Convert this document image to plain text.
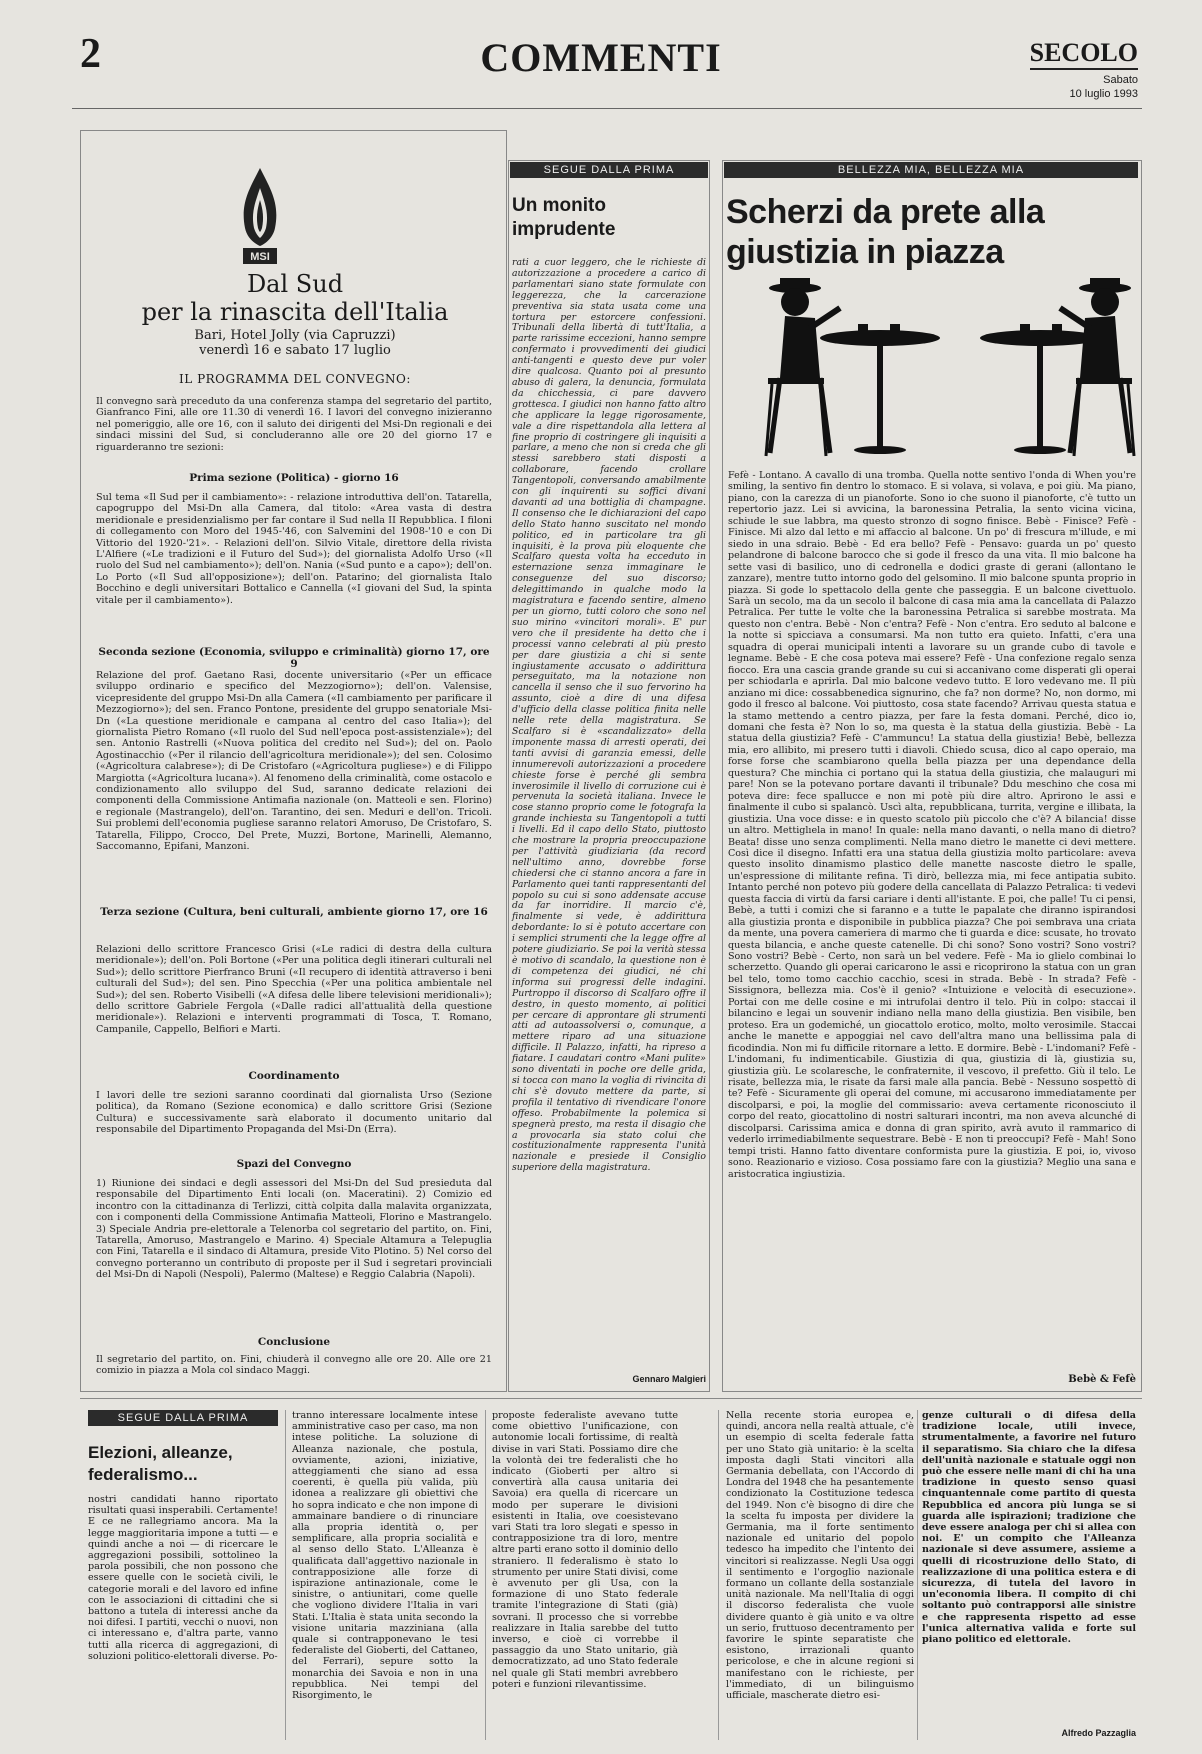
2	COMMENTI	SECOLO
Sabato
10 luglio 1993
MSI
Dal Sud
per la rinascita dell'Italia
Bari, Hotel Jolly (via Capruzzi)
venerdì 16 e sabato 17 luglio
IL PROGRAMMA DEL CONVEGNO:
Il convegno sarà preceduto da una conferenza stampa del segretario del partito, Gianfranco Fini, alle ore 11.30 di venerdì 16. I lavori del convegno inizieranno nel pomeriggio, alle ore 16, con il saluto dei dirigenti del Msi-Dn regionali e dei sindaci missini del Sud, si concluderanno alle ore 20 del giorno 17 e riguarderanno tre sezioni:
Prima sezione (Politica) - giorno 16
Sul tema «Il Sud per il cambiamento»: - relazione introduttiva dell'on. Tatarella, capogruppo del Msi-Dn alla Camera, dal titolo: «Area vasta di destra meridionale e presidenzialismo per far contare il Sud nella II Repubblica. I filoni di collegamento con Moro del 1945-'46, con Salvemini del 1908-'10 e con Di Vittorio del 1920-'21». - Relazioni dell'on. Silvio Vitale, direttore della rivista L'Alfiere («Le tradizioni e il Futuro del Sud»); del giornalista Adolfo Urso («Il ruolo del Sud nel cambiamento»); dell'on. Nania («Sud punto e a capo»); dell'on. Lo Porto («Il Sud all'opposizione»); dell'on. Patarino; del giornalista Italo Bocchino e degli universitari Bottalico e Cannella («I giovani del Sud, la spinta vitale per il cambiamento»).
Seconda sezione (Economia, sviluppo e criminalità) giorno 17, ore 9
Relazione del prof. Gaetano Rasi, docente universitario («Per un efficace sviluppo ordinario e specifico del Mezzogiorno»); dell'on. Valensise, vicepresidente del gruppo Msi-Dn alla Camera («Il cambiamento per parificare il Mezzogiorno»); del sen. Franco Pontone, presidente del gruppo senatoriale Msi-Dn («La questione meridionale e campana al centro del caso Italia»); del giornalista Pietro Romano («Il ruolo del Sud nell'epoca post-assistenziale»); del sen. Antonio Rastrelli («Nuova politica del credito nel Sud»); del on. Paolo Agostinacchio («Per il rilancio dell'agricoltura meridionale»); del sen. Colosimo («Agricoltura calabrese»); di De Cristofaro («Agricoltura pugliese») e di Filippo Margiotta («Agricoltura lucana»). Al fenomeno della criminalità, come ostacolo e condizionamento allo sviluppo del Sud, saranno dedicate relazioni dei componenti della Commissione Antimafia nazionale (on. Matteoli e sen. Florino) e regionale (Mastrangelo), dell'on. Tarantino, dei sen. Meduri e dell'on. Tricoli. Sui problemi dell'economia pugliese saranno relatori Amoruso, De Cristofaro, S. Tatarella, Filippo, Crocco, Del Prete, Muzzi, Bortone, Marinelli, Alemanno, Saccomanno, Epifani, Manzoni.
Terza sezione (Cultura, beni culturali, ambiente giorno 17, ore 16
Relazioni dello scrittore Francesco Grisi («Le radici di destra della cultura meridionale»); dell'on. Poli Bortone («Per una politica degli itinerari culturali nel Sud»); dello scrittore Pierfranco Bruni («Il recupero di identità attraverso i beni culturali del Sud»); del sen. Pino Specchia («Per una politica ambientale nel Sud»); del sen. Roberto Visibelli («A difesa delle libere televisioni meridionali»); dello scrittore Gabriele Fergola («Dalle radici all'attualità della questione meridionale»). Relazioni e interventi programmati di Tosca, T. Romano, Campanile, Cappello, Belfiori e Marti.
Coordinamento
I lavori delle tre sezioni saranno coordinati dal giornalista Urso (Sezione politica), da Romano (Sezione economica) e dallo scrittore Grisi (Sezione Cultura) e successivamente sarà elaborato il documento unitario dal responsabile del Dipartimento Propaganda del Msi-Dn (Erra).
Spazi del Convegno
1) Riunione dei sindaci e degli assessori del Msi-Dn del Sud presieduta dal responsabile del Dipartimento Enti locali (on. Maceratini). 2) Comizio ed incontro con la cittadinanza di Terlizzi, città colpita dalla malavita organizzata, con i componenti della Commissione Antimafia Matteoli, Florino e Mastrangelo. 3) Speciale Andria pre-elettorale a Telenorba col segretario del partito, on. Fini, Tatarella, Amoruso, Mastrangelo e Marino. 4) Speciale Altamura a Telepuglia con Fini, Tatarella e il sindaco di Altamura, preside Vito Plotino. 5) Nel corso del convegno porteranno un contributo di proposte per il Sud i segretari provinciali del Msi-Dn di Napoli (Nespoli), Palermo (Maltese) e Reggio Calabria (Napoli).
Conclusione
Il segretario del partito, on. Fini, chiuderà il convegno alle ore 20. Alle ore 21 comizio in piazza a Mola col sindaco Maggi.
SEGUE DALLA PRIMA
Un monito imprudente
rati a cuor leggero, che le richieste di autorizzazione a procedere a carico di parlamentari siano state formulate con leggerezza, che la carcerazione preventiva sia stata usata come una tortura per estorcere confessioni. Tribunali della libertà di tutt'Italia, a parte rarissime eccezioni, hanno sempre confermato i provvedimenti dei giudici anti-tangenti e questo deve pur voler dire qualcosa. Quanto poi al presunto abuso di galera, la denuncia, formulata da chicchessia, ci pare davvero grottesca. I giudici non hanno fatto altro che applicare la legge rigorosamente, vale a dire rispettandola alla lettera al fine proprio di costringere gli inquisiti a parlare, a meno che non si creda che gli stessi sarebbero stati disposti a collaborare, facendo crollare Tangentopoli, conversando amabilmente con gli inquirenti su soffici divani davanti ad una bottiglia di champagne. Il consenso che le dichiarazioni del capo dello Stato hanno suscitato nel mondo politico, ed in particolare tra gli inquisiti, è la prova più eloquente che Scalfaro questa volta ha ecceduto in esternazione senza immaginare le conseguenze del suo discorso; delegittimando in qualche modo la magistratura e facendo sentire, almeno per un giorno, tutti coloro che sono nel suo mirino «vincitori morali». E' pur vero che il presidente ha detto che i processi vanno celebrati al più presto per dare giustizia a chi si sente ingiustamente accusato o addirittura perseguitato, ma la notazione non cancella il senso che il suo fervorino ha assunto, cioè a dire di una difesa d'ufficio della classe politica finita nelle nelle rete della magistratura. Se Scalfaro si è «scandalizzato» della imponente massa di arresti operati, dei tanti avvisi di garanzia emessi, delle innumerevoli autorizzazioni a procedere chieste forse è perché gli sembra inverosimile il livello di corruzione cui è pervenuta la società italiana. Invece le cose stanno proprio come le fotografa la grande inchiesta su Tangentopoli a tutti i livelli. Ed il capo dello Stato, piuttosto che mostrare la propria preoccupazione per l'attività giudiziaria (da record nell'ultimo anno, dovrebbe forse chiedersi che ci stanno ancora a fare in Parlamento quei tanti rappresentanti del popolo su cui si sono addensate accuse da far inorridire. Il marcio c'è, finalmente si vede, è addirittura debordante: lo si è potuto accertare con i semplici strumenti che la legge offre al potere giudiziario. Se poi la verità stessa è motivo di scandalo, la questione non è di competenza dei giudici, né chi informa sui progressi delle indagini. Purtroppo il discorso di Scalfaro offre il destro, in questo momento, ai politici per cercare di approntare gli strumenti atti ad autoassolversi o, comunque, a mettere riparo ad una situazione difficile. Il Palazzo, infatti, ha ripreso a fiatare. I caudatari contro «Mani pulite» sono diventati in poche ore delle grida, si tocca con mano la voglia di rivincita di chi s'è dovuto mettere da parte, si profila il tentativo di rivendicare l'onore offeso. Probabilmente la polemica si spegnerà presto, ma resta il disagio che a provocarla sia stato colui che costituzionalmente rappresenta l'unità nazionale e presiede il Consiglio superiore della magistratura.
Gennaro Malgieri
BELLEZZA MIA, BELLEZZA MIA
Scherzi da prete alla giustizia in piazza
Fefè - Lontano. A cavallo di una tromba. Quella notte sentivo l'onda di When you're smiling, la sentivo fin dentro lo stomaco. E si volava, si volava, e poi giù. Ma piano, piano, con la carezza di un pianoforte. Sono io che suono il pianoforte, c'è tutto un repertorio jazz. Lei si avvicina, la baronessina Petralia, la sento vicina vicina, schiude le sue labbra, ma questo stronzo di sogno finisce. Bebè - Finisce? Fefè - Finisce. Mi alzo dal letto e mi affaccio al balcone. Un po' di frescura m'illude, e mi siedo in una sdraio. Bebè - Ed era bello? Fefè - Pensavo: guarda un po' questo pelandrone di balcone barocco che si gode il fresco da una vita. Il mio balcone ha sette vasi di basilico, uno di cedronella e dodici graste di gerani (allontano le zanzare), mentre tutto intorno godo del gelsomino. Il mio balcone spunta proprio in piazza. Si gode lo spettacolo della gente che passeggia. E un balcone civettuolo. Sarà un secolo, ma da un secolo il balcone di casa mia ama la cancellata di Palazzo Petralica. Per tutte le volte che la baronessina Petralica si sarebbe mostrata. Ma questo non c'entra. Bebè - Non c'entra? Fefè - Non c'entra. Ero seduto al balcone e la notte si spicciava a consumarsi. Ma non tutto era quieto. Infatti, c'era una squadra di operai municipali intenti a lavorare su un grande cubo di tavole e legname. Bebè - E che cosa poteva mai essere? Fefè - Una confezione regalo senza fiocco. Era una cascia grande grande su cui si accanivano come disperati gli operai per schiodarla e aprirla. Dal mio balcone vedevo tutto. E loro vedevano me. Il più anziano mi dice: cossabbenedica signurino, che fa? non dorme? No, non dormo, mi godo il fresco al balcone. Voi piuttosto, cosa state facendo? Arrivau questa statua e la stamo mettendo a centro piazza, per fare la festa domani. Perché, dico io, domani che festa è? Non lo so, ma questa è la statua della giustizia. Bebè - La statua della giustizia? Fefè - C'ammuncu! La statua della giustizia! Bebè, bellezza mia, ero allibito, mi presero tutti i diavoli. Chiedo scusa, dico al capo operaio, ma forse forse che scambiarono quella bella piazza per una dependance della questura? Che minchia ci portano qui la statua della giustizia, che malauguri mi pare! Non se la potevano portare davanti il tribunale? Ddu meschino che cosa mi poteva dire: fece spallucce e non mi potè più dire altro. Aprirono le assi e finalmente il cubo si spalancò. Uscì alta, repubblicana, turrita, vergine e illibata, la giustizia. Una voce disse: e in questo scatolo più piccolo che c'è? A bilancia! disse un altro. Mettiglıela in mano! In quale: nella mano davanti, o nella mano di dietro? Beata! disse uno senza complimenti. Nella mano dietro le manette ci devi mettere. Così dice il disegno. Infatti era una statua della giustizia molto particolare: aveva questo insolito dinamismo plastico delle manette nascoste dietro le spalle, un'espressione di militante refina. Ti dirò, bellezza mia, mi fece antipatia subito. Intanto perché non potevo più godere della cancellata di Palazzo Petralica: ti vedevi questa faccia di virtù da farsi cariare i denti all'istante. E poi, che palle! Tu ci pensi, Bebè, a tutti i comizi che si faranno e a tutte le papalate che diranno ispirandosi alla giustizia pronta e disponibile in pubblica piazza? Che poi sembrava una criata da mente, una povera cameriera di marmo che ti guarda e dice: scusate, ho trovato questa bilancia, e anche queste catenelle. Di chi sono? Sono vostri? Sono vostri? Sono vostri? Bebè - Certo, non sarà un bel vedere. Fefè - Ma io glielo combinai lo scherzetto. Quando gli operai caricarono le assi e ricoprirono la statua con un gran bel telo, tomo tomo cacchio cacchio, scesi in strada. Bebè - In strada? Fefè - Sissignora, bellezza mia. Cos'è il genio? «Intuizione e velocità di esecuzione». Portai con me delle cosine e mi intrufolai dentro il telo. Più in colpo: staccai il bilancino e legai un souvenir indiano nella mano della giustizia. Ben visibile, ben proteso. Era un godemiché, un giocattolo erotico, molto, molto verosimile. Staccai anche le manette e appoggiai nel cavo dell'altra mano una bellissima pala di ficodindia. Non mi fu difficile ritornare a letto. E dormire. Bebè - L'indomani? Fefè - L'indomani, fu indimenticabile. Giustizia di qua, giustizia di là, giustizia su, giustizia giù. Le scolaresche, le confraternite, il vescovo, il prefetto. Giù il telo. Le risate, bellezza mia, le risate da farsi male alla pancia. Bebè - Nessuno sospettò di te? Fefè - Sicuramente gli operai del comune, mi accusarono immediatamente per discolparsi, e poi, la moglie del commissario: aveva certamente riconosciuto il corpo del reato, giocattolino di nostri salturari incontri, ma non aveva alcunché di discolparsi. Carissima amica e donna di gran spirito, avrà avuto il rammarico di vederlo irrimediabilmente sequestrare. Bebè - E non ti preoccupi? Fefè - Mah! Sono tempi tristi. Hanno fatto diventare conformista pure la giustizia. E poi, io, vivoso sono. Reazionario e vizioso. Cosa possiamo fare con la giustizia? Meglio una sana e aristocratica ingiustizia.
Bebè & Fefè
SEGUE DALLA PRIMA
Elezioni, alleanze, federalismo...
nostri candidati hanno riportato risultati quasi insperabili. Certamente! E ce ne rallegriamo ancora. Ma la legge maggioritaria impone a tutti — e quindi anche a noi — di ricercare le aggregazioni possibili, sottolineo la parola possibili, che non possono che essere quelle con le società civili, le categorie morali e del lavoro ed infine con le associazioni di cittadini che si battono a tutela di interessi anche da noi difesi. I partiti, vecchi o nuovi, non ci interessano e, d'altra parte, vanno tutti alla ricerca di aggregazioni, di soluzioni politico-elettorali diverse. Po-
tranno interessare localmente intese amministrative caso per caso, ma non intese politiche. La soluzione di Alleanza nazionale, che postula, ovviamente, azioni, iniziative, atteggiamenti che siano ad essa coerenti, è quella più valida, più idonea a realizzare gli obiettivi che ho sopra indicato e che non impone di ammainare bandiere o di rinunciare alla propria identità o, per semplificare, alla propria socialità e al senso dello Stato. L'Alleanza è qualificata dall'aggettivo nazionale in contrapposizione alle forze di ispirazione antinazionale, come le sinistre, o antiunitari, come quelle che vogliono dividere l'Italia in vari Stati. L'Italia è stata unita secondo la visione unitaria mazziniana (alla quale si contrapponevano le tesi federaliste del Gioberti, del Cattaneo, del Ferrari), sepure sotto la monarchia dei Savoia e non in una repubblica. Nei tempi del Risorgimento, le
proposte federaliste avevano tutte come obiettivo l'unificazione, con autonomie locali fortissime, di realtà divise in vari Stati. Possiamo dire che la volontà dei tre federalisti che ho indicato (Gioberti per altro si convertirà alla causa unitaria dei Savoia) era quella di ricercare un modo per superare le divisioni esistenti in Italia, ove coesistevano vari Stati tra loro slegati e spesso in contrapposizione tra di loro, mentre altre parti erano sotto il dominio dello straniero. Il federalismo è stato lo strumento per unire Stati divisi, come è avvenuto per gli Usa, con la formazione di uno Stato federale tramite l'integrazione di Stati (già) sovrani. Il processo che si vorrebbe realizzare in Italia sarebbe del tutto inverso, e cioè ci vorrebbe il passaggio da uno Stato unitario, già democratizzato, ad uno Stato federale nel quale gli Stati membri avrebbero poteri e funzioni rilevantissime.
Nella recente storia europea e, quindi, ancora nella realtà attuale, c'è un esempio di scelta federale fatta per uno Stato già unitario: è la scelta imposta dagli Stati vincitori alla Germania debellata, con l'Accordo di Londra del 1948 che ha pesantemente condizionato la Costituzione tedesca del 1949. Non c'è bisogno di dire che la scelta fu imposta per dividere la Germania, ma il forte sentimento nazionale ed unitario del popolo tedesco ha impedito che l'intento dei vincitori si realizzasse. Negli Usa oggi il sentimento e l'orgoglio nazionale formano un collante della sostanziale unità nazionale. Ma nell'Italia di oggi il discorso federalista che vuole dividere quanto è già unito e va oltre un serio, fruttuoso decentramento per favorire le spinte separatiste che esistono, irrazionali quanto pericolose, e che in alcune regioni si manifestano con le richieste, per l'immediato, di un bilinguismo ufficiale, mascherate dietro esi-
genze culturali o di difesa della tradizione locale, utili invece, strumentalmente, a favorire nel futuro il separatismo. Sia chiaro che la difesa dell'unità nazionale e statuale oggi non può che essere nelle mani di chi ha una tradizione in questo senso quasi cinquantennale come partito di questa Repubblica ed ancora più lunga se si guarda alle ispirazioni; tradizione che deve essere analoga per chi si allea con noi. E' un compito che l'Alleanza nazionale si deve assumere, assieme a quelli di ricostruzione dello Stato, di realizzazione di una politica estera e di sicurezza, di tutela del lavoro in un'economia libera. Il compito di chi soltanto può contrapporsi alle sinistre e che rappresenta rispetto ad esse l'unica alternativa valida e forte sul piano politico ed elettorale.
Alfredo Pazzaglia
